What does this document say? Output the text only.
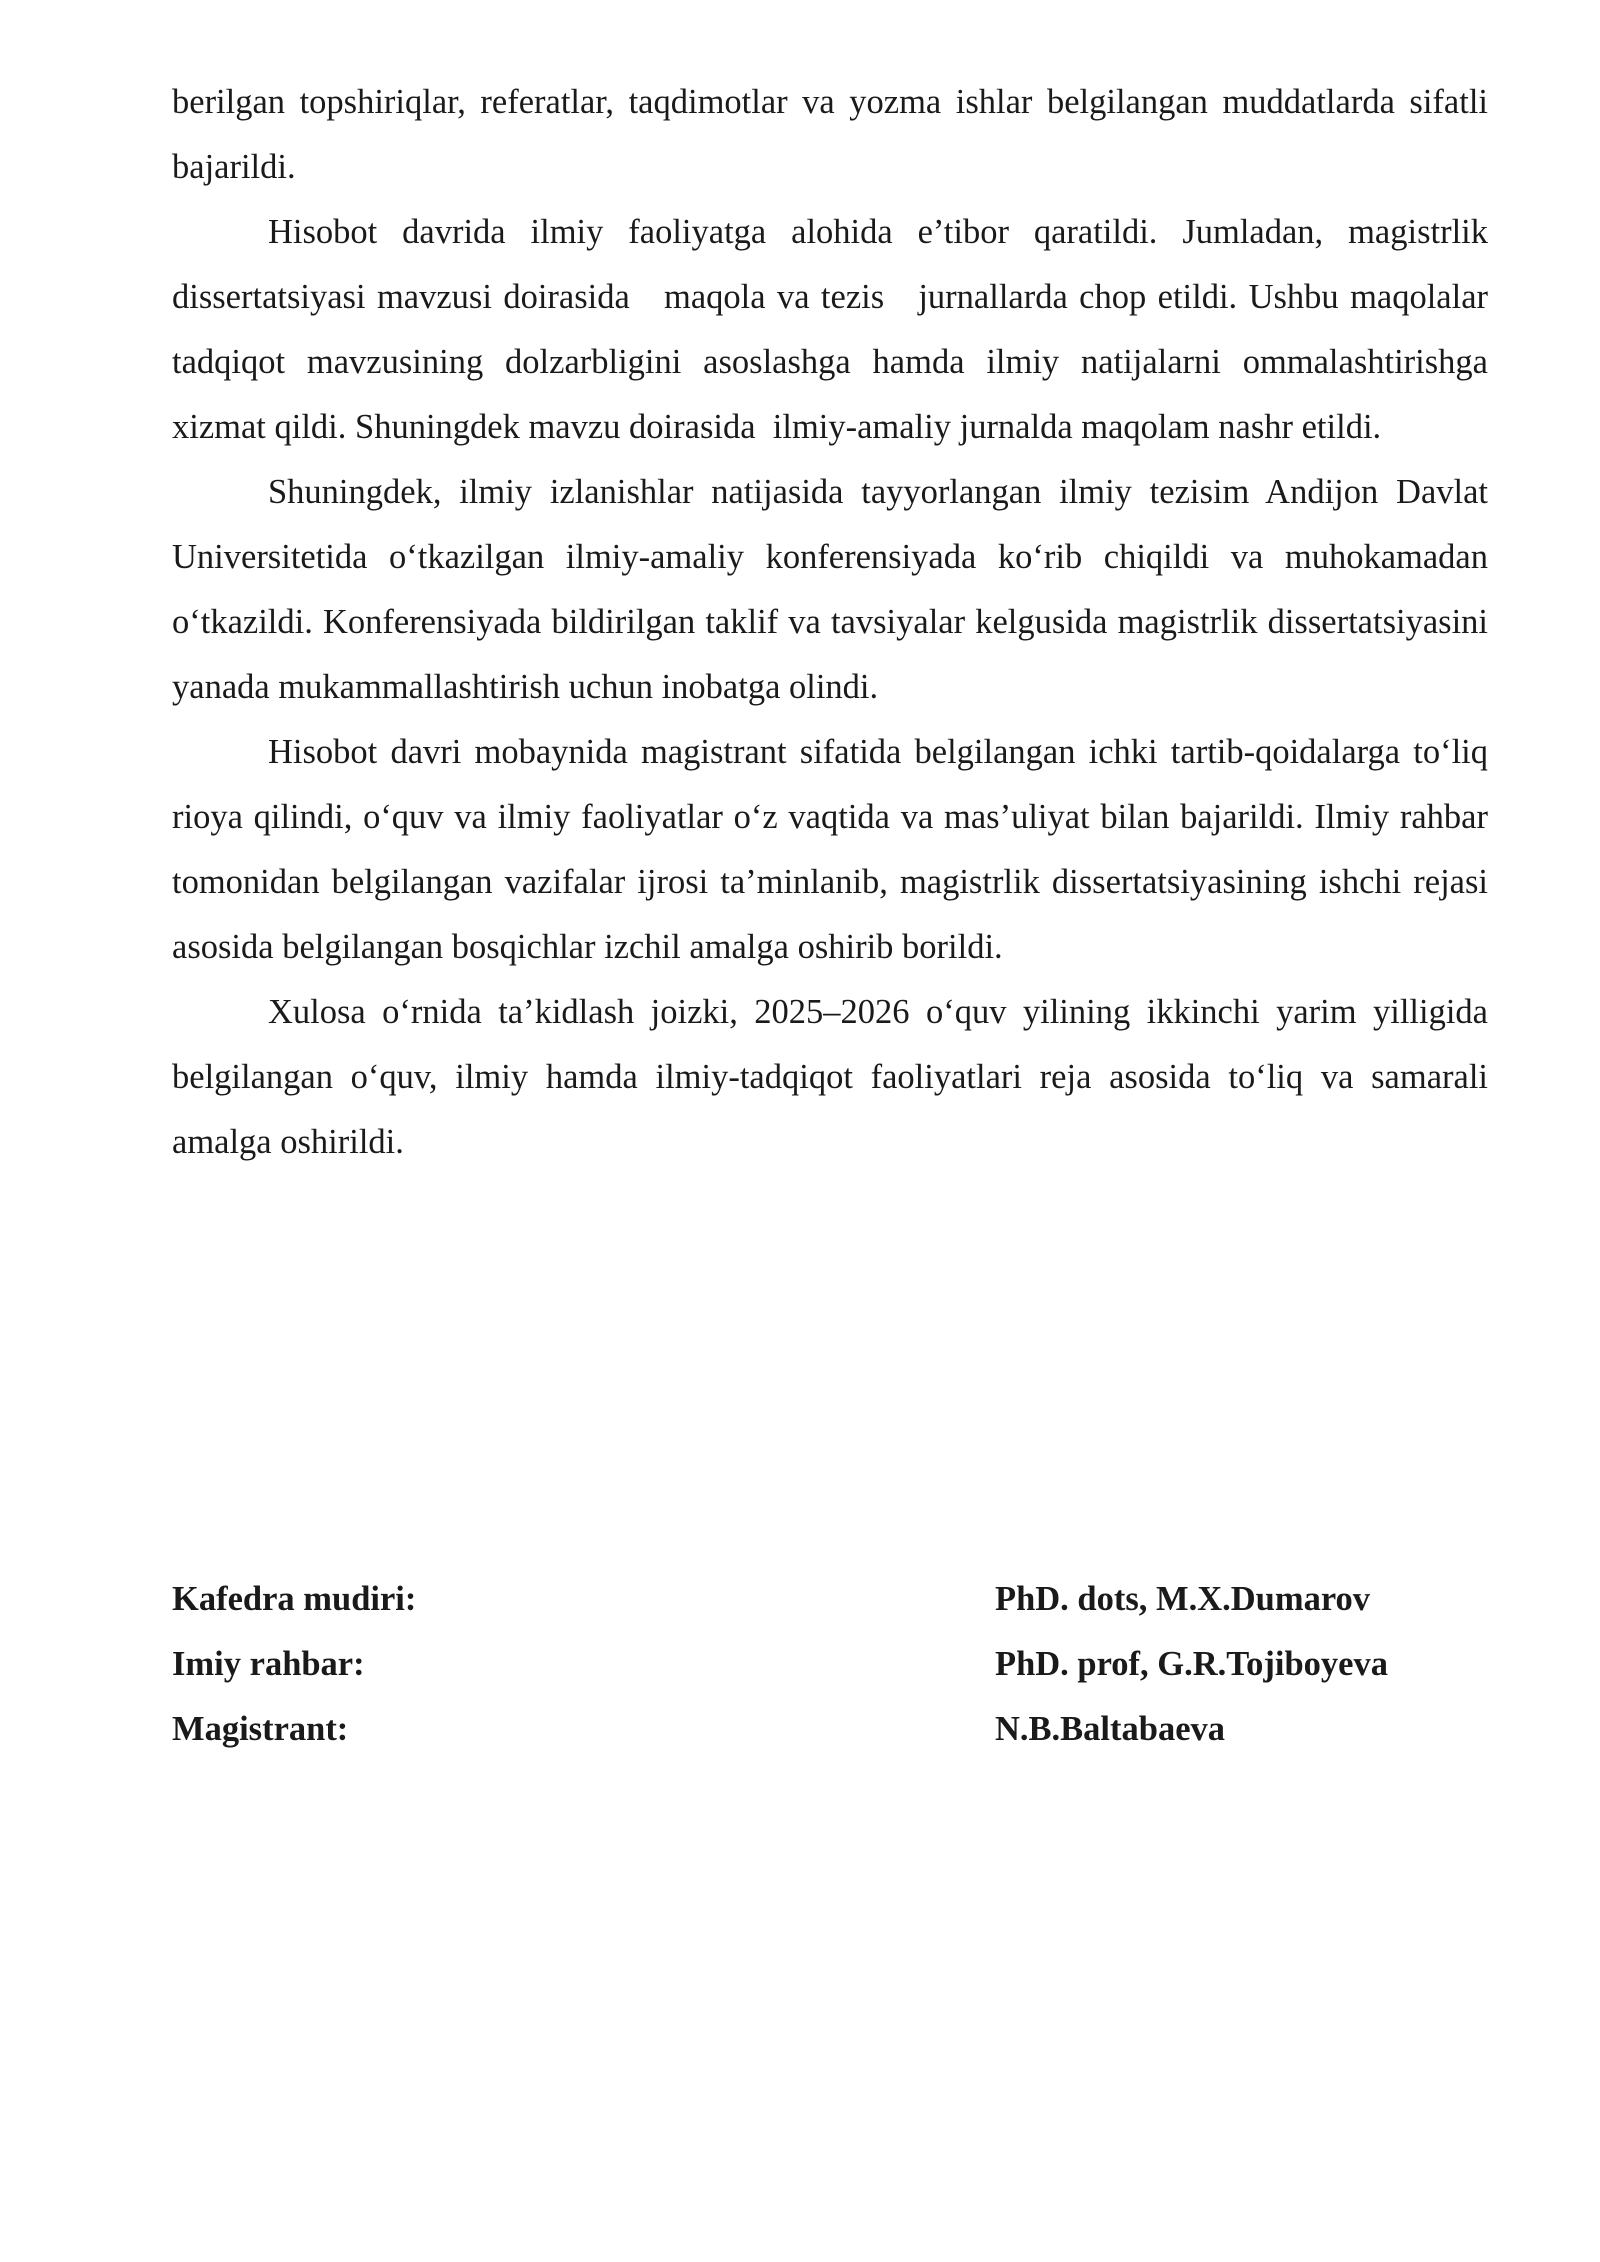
berilgan topshiriqlar, referatlar, taqdimotlar va yozma ishlar belgilangan muddatlarda sifatli bajarildi.

Hisobot davrida ilmiy faoliyatga alohida e’tibor qaratildi. Jumladan, magistrlik dissertatsiyasi mavzusi doirasida   maqola va tezis   jurnallarda chop etildi. Ushbu maqolalar tadqiqot mavzusining dolzarbligini asoslashga hamda ilmiy natijalarni ommalashtirishga xizmat qildi. Shuningdek mavzu doirasida  ilmiy-amaliy jurnalda maqolam nashr etildi.

Shuningdek, ilmiy izlanishlar natijasida tayyorlangan ilmiy tezisim Andijon Davlat Universitetida o‘tkazilgan ilmiy-amaliy konferensiyada ko‘rib chiqildi va muhokamadan o‘tkazildi. Konferensiyada bildirilgan taklif va tavsiyalar kelgusida magistrlik dissertatsiyasini yanada mukammallashtirish uchun inobatga olindi.

Hisobot davri mobaynida magistrant sifatida belgilangan ichki tartib-qoidalarga to‘liq rioya qilindi, o‘quv va ilmiy faoliyatlar o‘z vaqtida va mas’uliyat bilan bajarildi. Ilmiy rahbar tomonidan belgilangan vazifalar ijrosi ta’minlanib, magistrlik dissertatsiyasining ishchi rejasi asosida belgilangan bosqichlar izchil amalga oshirib borildi.

Xulosa o‘rnida ta’kidlash joizki, 2025–2026 o‘quv yilining ikkinchi yarim yilligida belgilangan o‘quv, ilmiy hamda ilmiy-tadqiqot faoliyatlari reja asosida to‘liq va samarali amalga oshirildi.

Kafedra mudiri:	PhD. dots, M.X.Dumarov
Imiy rahbar:	PhD. prof, G.R.Tojiboyeva
Magistrant:	N.B.Baltabaeva
